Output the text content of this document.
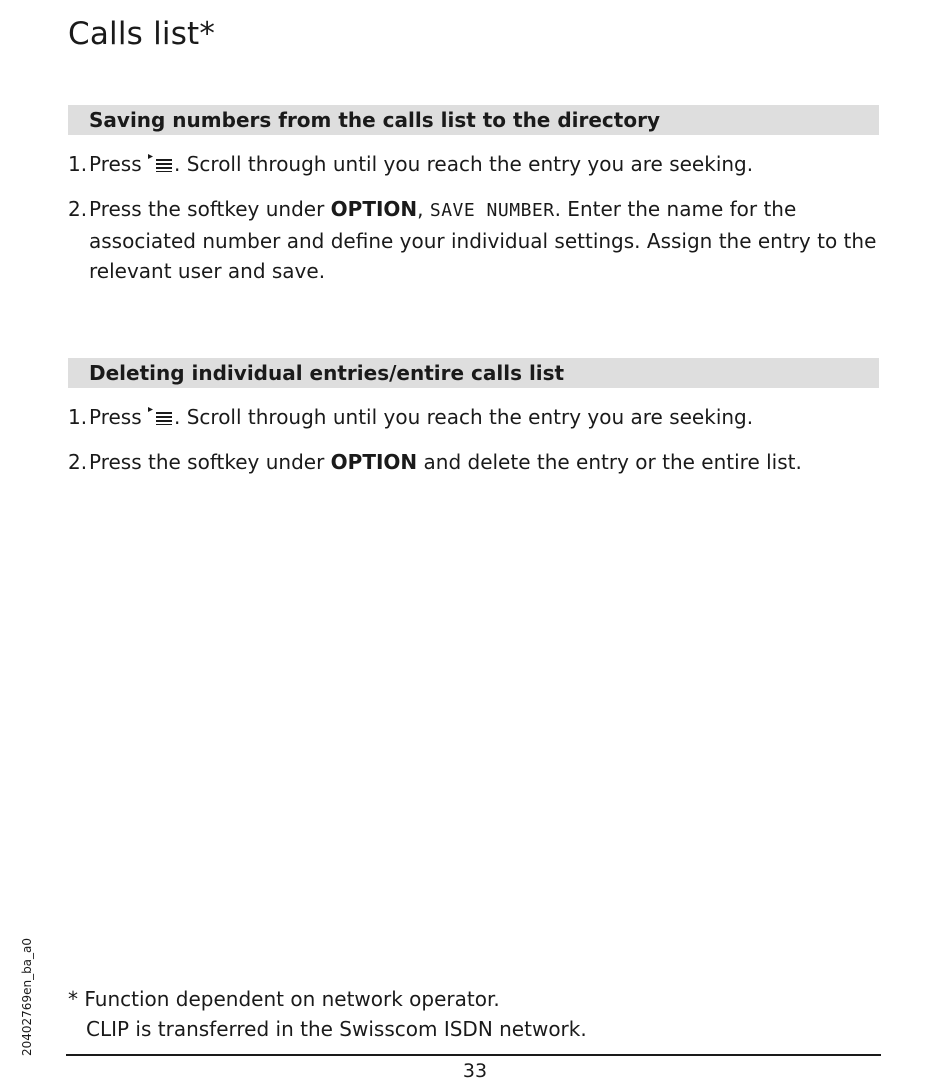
Calls list*
Saving numbers from the calls list to the directory
1. Press . Scroll through until you reach the entry you are seeking.
2. Press the softkey under OPTION, SAVE NUMBER. Enter the name for the associated number and define your individual settings. Assign the entry to the relevant user and save.
Deleting individual entries/entire calls list
1. Press . Scroll through until you reach the entry you are seeking.
2. Press the softkey under OPTION and delete the entry or the entire list.
* Function dependent on network operator.
CLIP is transferred in the Swisscom ISDN network.
33
20402769en_ba_a0
